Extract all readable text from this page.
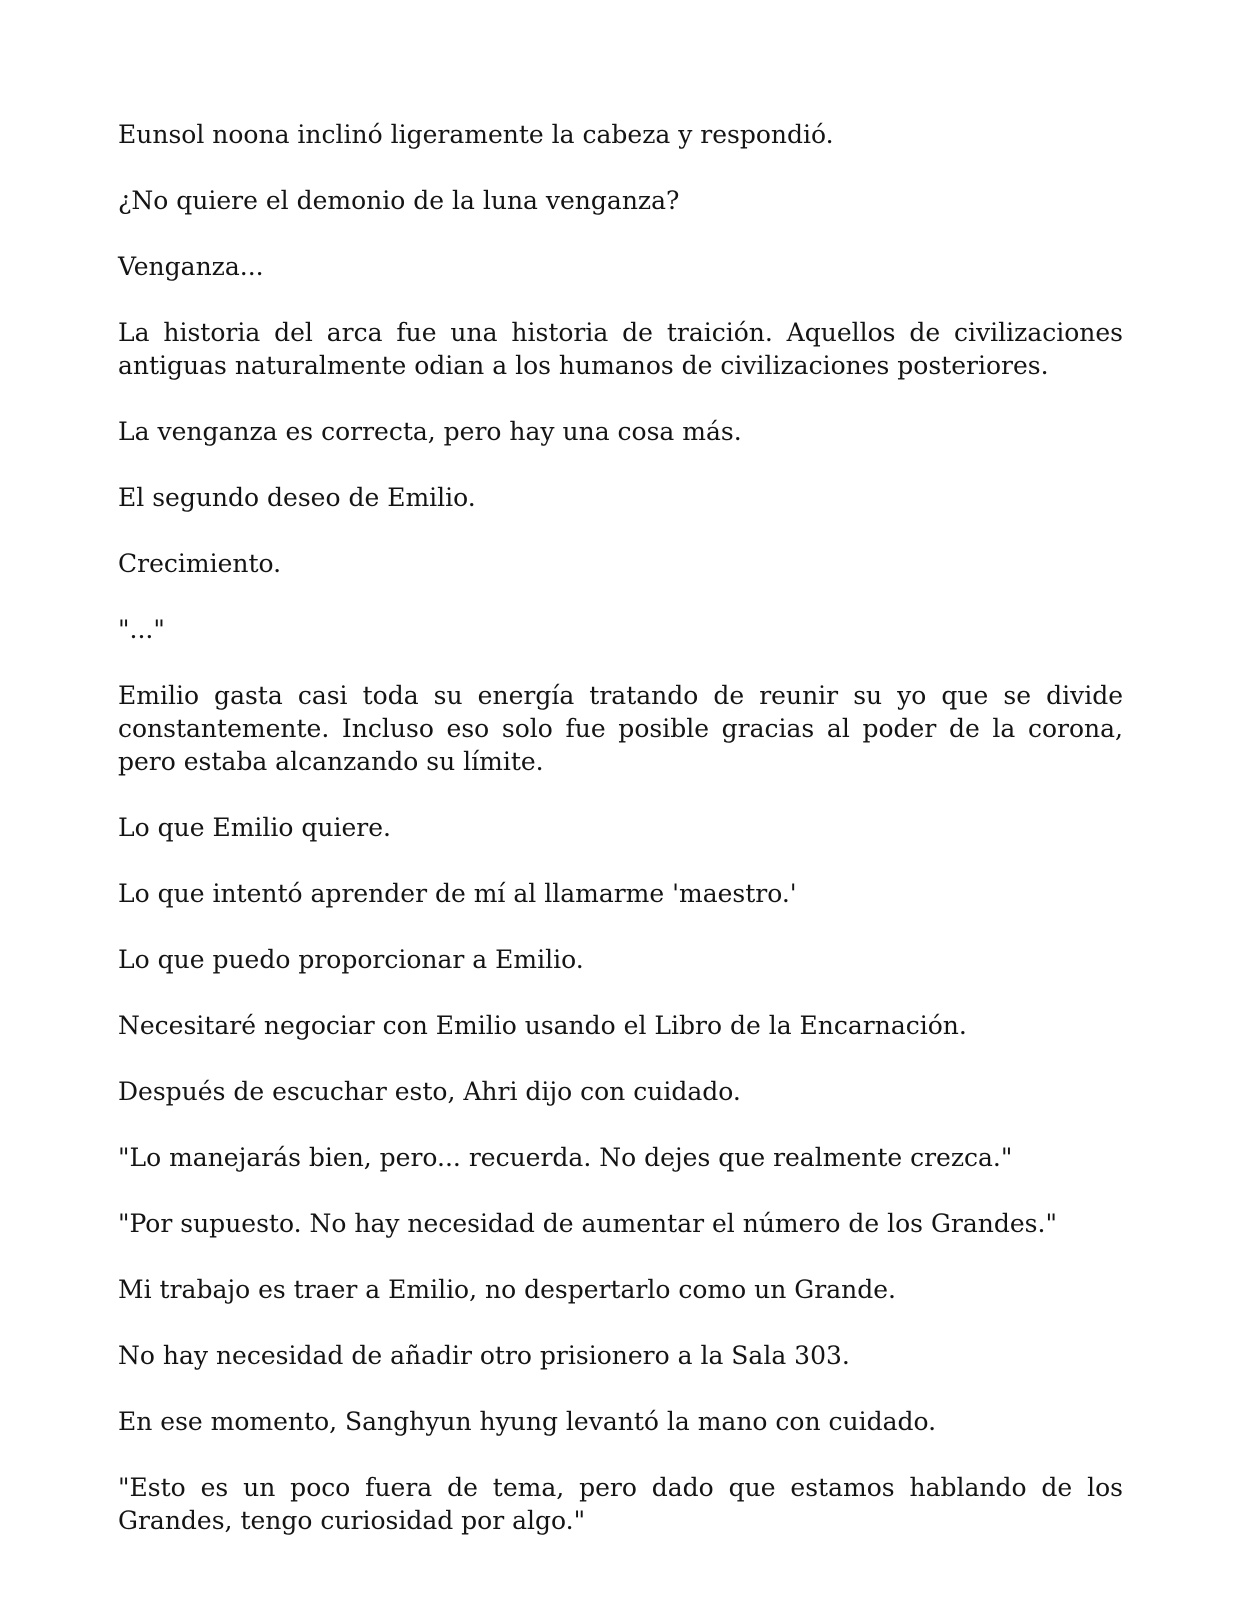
Eunsol noona inclinó ligeramente la cabeza y respondió.

¿No quiere el demonio de la luna venganza?

Venganza...

La historia del arca fue una historia de traición. Aquellos de civilizaciones antiguas naturalmente odian a los humanos de civilizaciones posteriores.

La venganza es correcta, pero hay una cosa más.

El segundo deseo de Emilio.

Crecimiento.

"..."

Emilio gasta casi toda su energía tratando de reunir su yo que se divide constantemente. Incluso eso solo fue posible gracias al poder de la corona, pero estaba alcanzando su límite.

Lo que Emilio quiere.

Lo que intentó aprender de mí al llamarme 'maestro.'

Lo que puedo proporcionar a Emilio.

Necesitaré negociar con Emilio usando el Libro de la Encarnación.

Después de escuchar esto, Ahri dijo con cuidado.

"Lo manejarás bien, pero... recuerda. No dejes que realmente crezca."

"Por supuesto. No hay necesidad de aumentar el número de los Grandes."

Mi trabajo es traer a Emilio, no despertarlo como un Grande.

No hay necesidad de añadir otro prisionero a la Sala 303.

En ese momento, Sanghyun hyung levantó la mano con cuidado.

"Esto es un poco fuera de tema, pero dado que estamos hablando de los Grandes, tengo curiosidad por algo."
